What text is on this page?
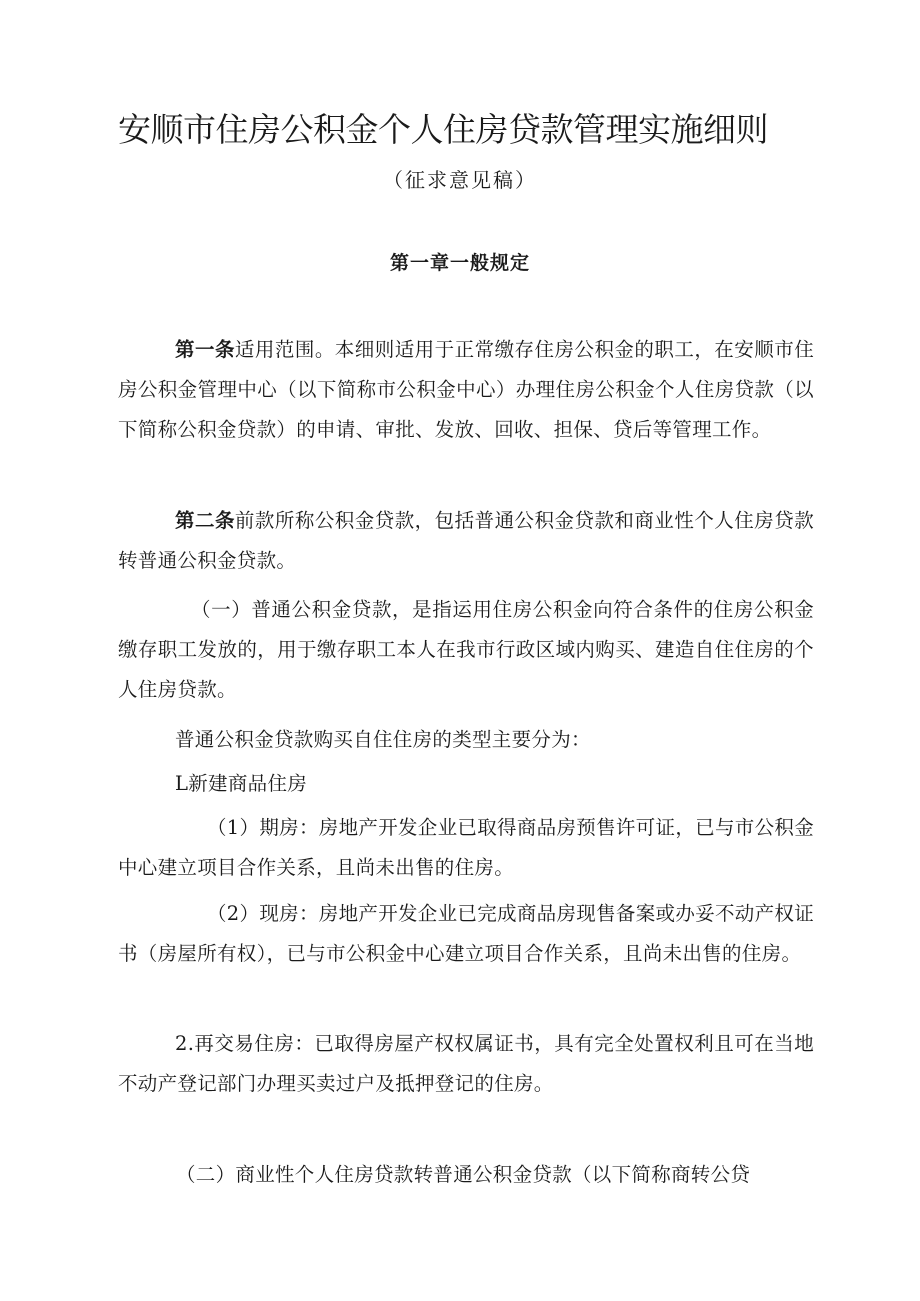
安顺市住房公积金个人住房贷款管理实施细则
（征求意见稿）
第一章一般规定
第一条适用范围。本细则适用于正常缴存住房公积金的职工，在安顺市住房公积金管理中心（以下简称市公积金中心）办理住房公积金个人住房贷款（以下简称公积金贷款）的申请、审批、发放、回收、担保、贷后等管理工作。
第二条前款所称公积金贷款，包括普通公积金贷款和商业性个人住房贷款转普通公积金贷款。
（一）普通公积金贷款，是指运用住房公积金向符合条件的住房公积金缴存职工发放的，用于缴存职工本人在我市行政区域内购买、建造自住住房的个人住房贷款。
普通公积金贷款购买自住住房的类型主要分为：
L新建商品住房
（1）期房：房地产开发企业已取得商品房预售许可证，已与市公积金中心建立项目合作关系，且尚未出售的住房。
（2）现房：房地产开发企业已完成商品房现售备案或办妥不动产权证书（房屋所有权），已与市公积金中心建立项目合作关系，且尚未出售的住房。
2.再交易住房：已取得房屋产权权属证书，具有完全处置权利且可在当地不动产登记部门办理买卖过户及抵押登记的住房。
（二）商业性个人住房贷款转普通公积金贷款（以下简称商转公贷
